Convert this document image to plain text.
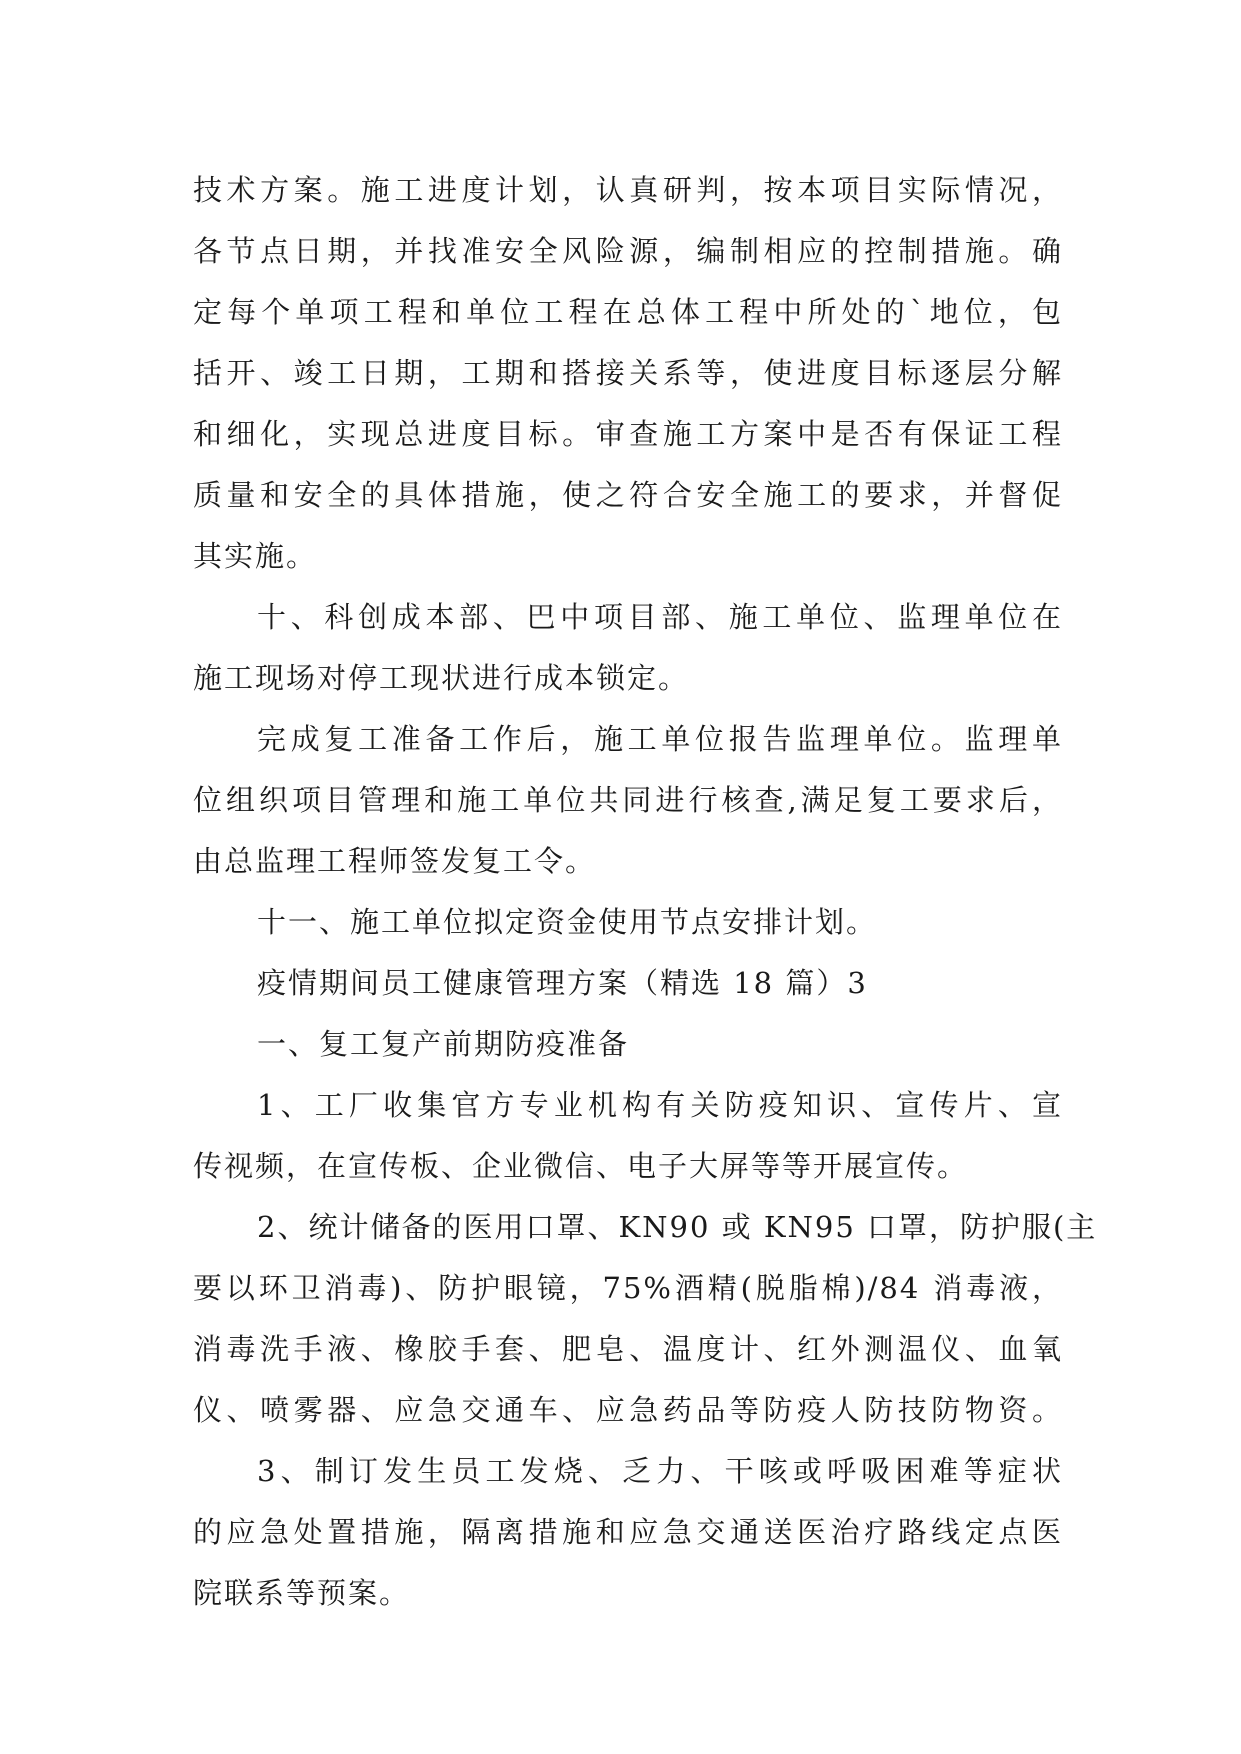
技术方案。施工进度计划，认真研判，按本项目实际情况，
各节点日期，并找准安全风险源，编制相应的控制措施。确
定每个单项工程和单位工程在总体工程中所处的`地位，包
括开、竣工日期，工期和搭接关系等，使进度目标逐层分解
和细化，实现总进度目标。审查施工方案中是否有保证工程
质量和安全的具体措施，使之符合安全施工的要求，并督促
其实施。
十、科创成本部、巴中项目部、施工单位、监理单位在
施工现场对停工现状进行成本锁定。
完成复工准备工作后，施工单位报告监理单位。监理单
位组织项目管理和施工单位共同进行核查,满足复工要求后，
由总监理工程师签发复工令。
十一、施工单位拟定资金使用节点安排计划。
疫情期间员工健康管理方案（精选 18 篇）3
一、复工复产前期防疫准备
1、工厂收集官方专业机构有关防疫知识、宣传片、宣
传视频，在宣传板、企业微信、电子大屏等等开展宣传。
2、统计储备的医用口罩、KN90 或 KN95 口罩，防护服(主
要以环卫消毒)、防护眼镜，75%酒精(脱脂棉)/84 消毒液，
消毒洗手液、橡胶手套、肥皂、温度计、红外测温仪、血氧
仪、喷雾器、应急交通车、应急药品等防疫人防技防物资。
3、制订发生员工发烧、乏力、干咳或呼吸困难等症状
的应急处置措施，隔离措施和应急交通送医治疗路线定点医
院联系等预案。
